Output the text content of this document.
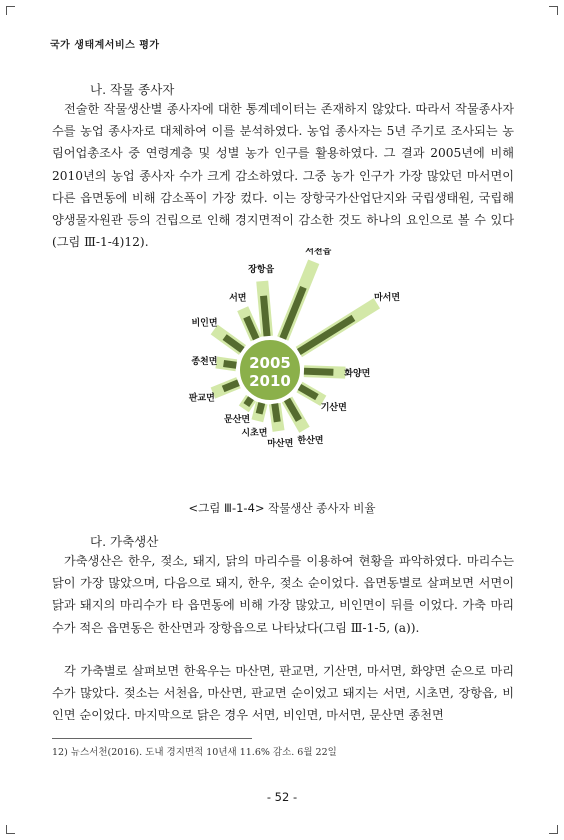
국가 생태계서비스 평가
나. 작물 종사자

전술한 작물생산별 종사자에 대한 통계데이터는 존재하지 않았다. 따라서 작물종사자 수를 농업 종사자로 대체하여 이를 분석하였다. 농업 종사자는 5년 주기로 조사되는 농림어업총조사 중 연령계층 및 성별 농가 인구를 활용하였다. 그 결과 2005년에 비해 2010년의 농업 종사자 수가 크게 감소하였다. 그중 농가 인구가 가장 많았던 마서면이 다른 읍면동에 비해 감소폭이 가장 컸다. 이는 장항국가산업단지와 국립생태원, 국립해양생물자원관 등의 건립으로 인해 경지면적이 감소한 것도 하나의 요인으로 볼 수 있다(그림 Ⅲ-1-4)12).

장항읍
서천읍
마서면
화양면
기산면
한산면
마산면
시초면
문산면
판교면
종천면
비인면
서면
2005
2010
<그림 Ⅲ-1-4> 작물생산 종사자 비율
다. 가축생산

가축생산은 한우, 젖소, 돼지, 닭의 마리수를 이용하여 현황을 파악하였다. 마리수는 닭이 가장 많았으며, 다음으로 돼지, 한우, 젖소 순이었다. 읍면동별로 살펴보면 서면이 닭과 돼지의 마리수가 타 읍면동에 비해 가장 많았고, 비인면이 뒤를 이었다. 가축 마리수가 적은 읍면동은 한산면과 장항읍으로 나타났다(그림 Ⅲ-1-5, (a)).

각 가축별로 살펴보면 한육우는 마산면, 판교면, 기산면, 마서면, 화양면 순으로 마리수가 많았다. 젖소는 서천읍, 마산면, 판교면 순이었고 돼지는 서면, 시초면, 장항읍, 비인면 순이었다. 마지막으로 닭은 경우 서면, 비인면, 마서면, 문산면 종천면

12) 뉴스서천(2016). 도내 경지면적 10년새 11.6% 감소. 6월 22일
- 52 -
